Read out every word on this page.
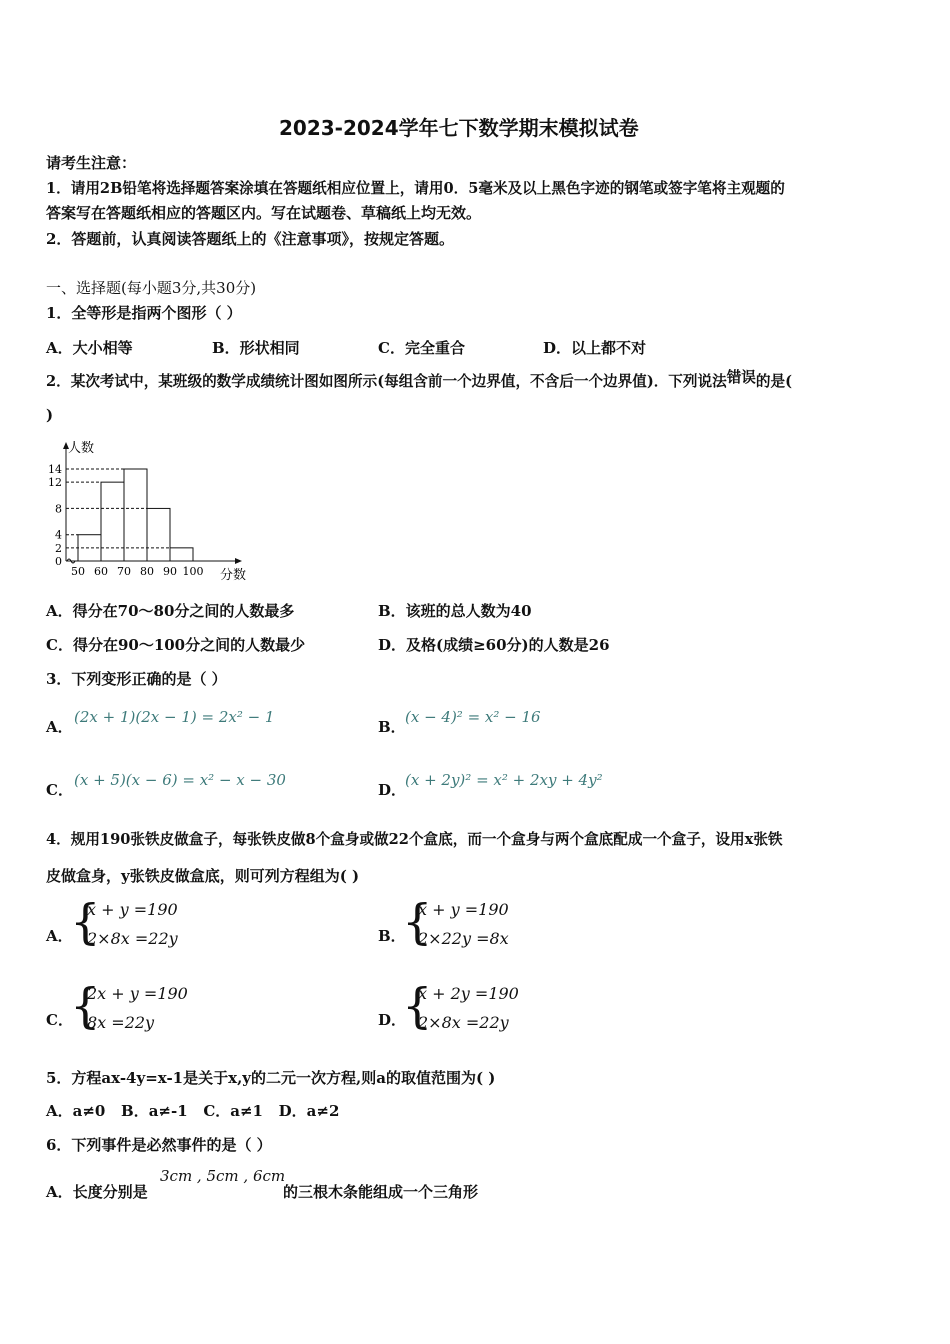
2023-2024学年七下数学期末模拟试卷
请考生注意：
1．请用2B铅笔将选择题答案涂填在答题纸相应位置上，请用0．5毫米及以上黑色字迹的钢笔或签字笔将主观题的
答案写在答题纸相应的答题区内。写在试题卷、草稿纸上均无效。
2．答题前，认真阅读答题纸上的《注意事项》，按规定答题。
一、选择题(每小题3分,共30分)
1．全等形是指两个图形（ ）
A．大小相等	B．形状相同	C．完全重合	D．以上都不对
2．某次考试中，某班级的数学成绩统计图如图所示(每组含前一个边界值，不含后一个边界值)．下列说法错误的是(
)
人数
分数
0
2
4
8
12
14
50 60 70 80 90 100
A．得分在70～80分之间的人数最多	B．该班的总人数为40
C．得分在90～100分之间的人数最少	D．及格(成绩≥60分)的人数是26
3．下列变形正确的是（ ）
A．
(2x + 1)(2x − 1) = 2x² − 1
B．
(x − 4)² = x² − 16
C．
(x + 5)(x − 6) = x² − x − 30
D．
(x + 2y)² = x² + 2xy + 4y²
4．规用190张铁皮做盒子，每张铁皮做8个盒身或做22个盒底，而一个盒身与两个盒底配成一个盒子，设用x张铁
皮做盒身，y张铁皮做盒底，则可列方程组为( )
A．
{
x + y =190
2×8x =22y	B．
{
x + y =190
2×22y =8x
C．
{
2x + y =190
8x =22y	D．
{
x + 2y =190
2×8x =22y
5．方程ax-4y=x-1是关于x,y的二元一次方程,则a的取值范围为( )
A．a≠0   B．a≠-1   C．a≠1   D．a≠2
6．下列事件是必然事件的是（ ）
A．长度分别是
3cm , 5cm , 6cm
的三根木条能组成一个三角形
